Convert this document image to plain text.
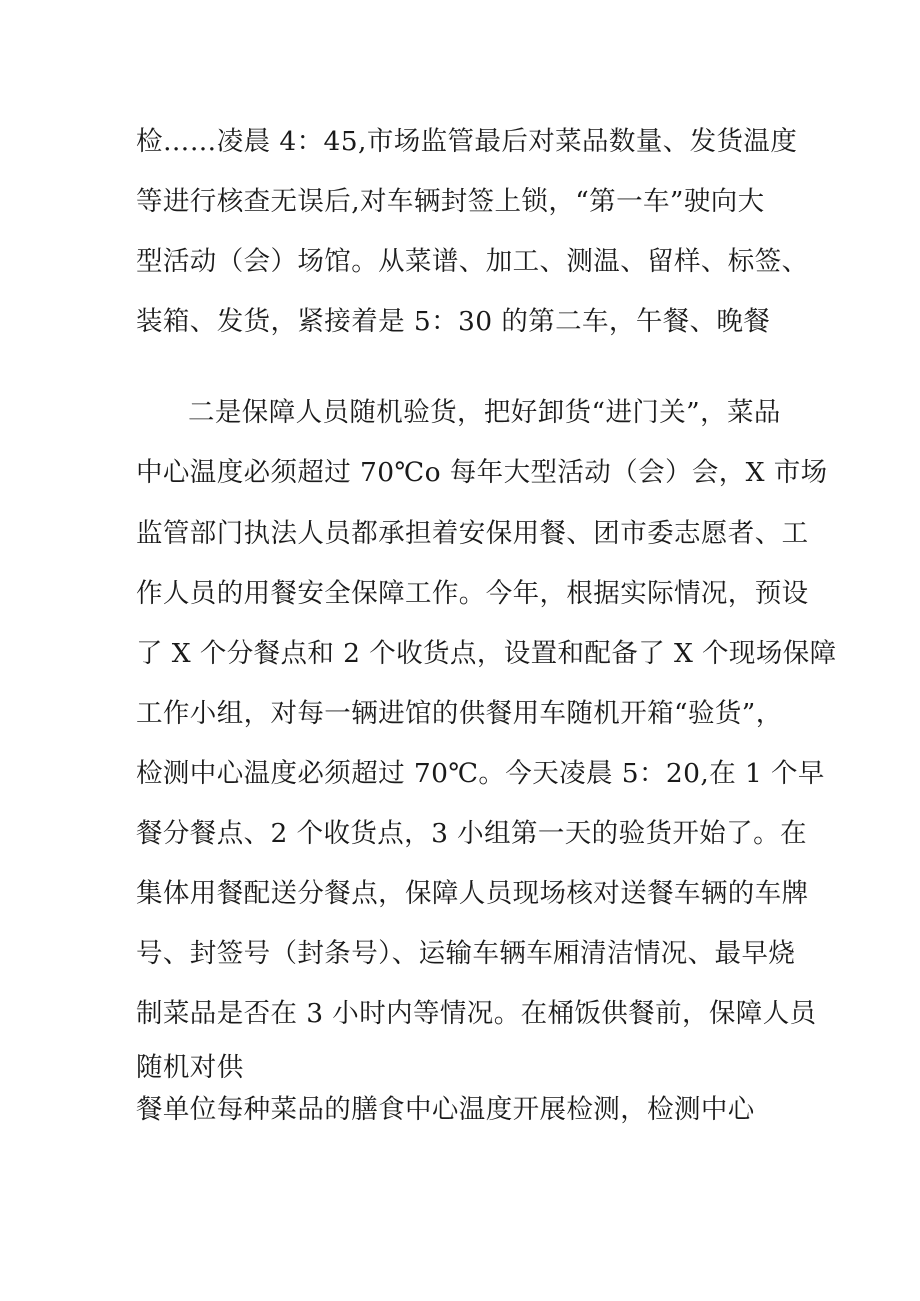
检……凌晨 4：45,市场监管最后对菜品数量、发货温度
等进行核查无误后,对车辆封签上锁，“第一车”驶向大
型活动（会）场馆。从菜谱、加工、测温、留样、标签、
装箱、发货，紧接着是 5：30 的第二车，午餐、晚餐
二是保障人员随机验货，把好卸货“进门关”，菜品
中心温度必须超过 70℃o 每年大型活动（会）会，X 市场
监管部门执法人员都承担着安保用餐、团市委志愿者、工
作人员的用餐安全保障工作。今年，根据实际情况，预设
了 X 个分餐点和 2 个收货点，设置和配备了 X 个现场保障
工作小组，对每一辆进馆的供餐用车随机开箱“验货”，
检测中心温度必须超过 70℃。今天凌晨 5：20,在 1 个早
餐分餐点、2 个收货点，3 小组第一天的验货开始了。在
集体用餐配送分餐点，保障人员现场核对送餐车辆的车牌
号、封签号（封条号）、运输车辆车厢清洁情况、最早烧
制菜品是否在 3 小时内等情况。在桶饭供餐前，保障人员
随机对供
餐单位每种菜品的膳食中心温度开展检测，检测中心
